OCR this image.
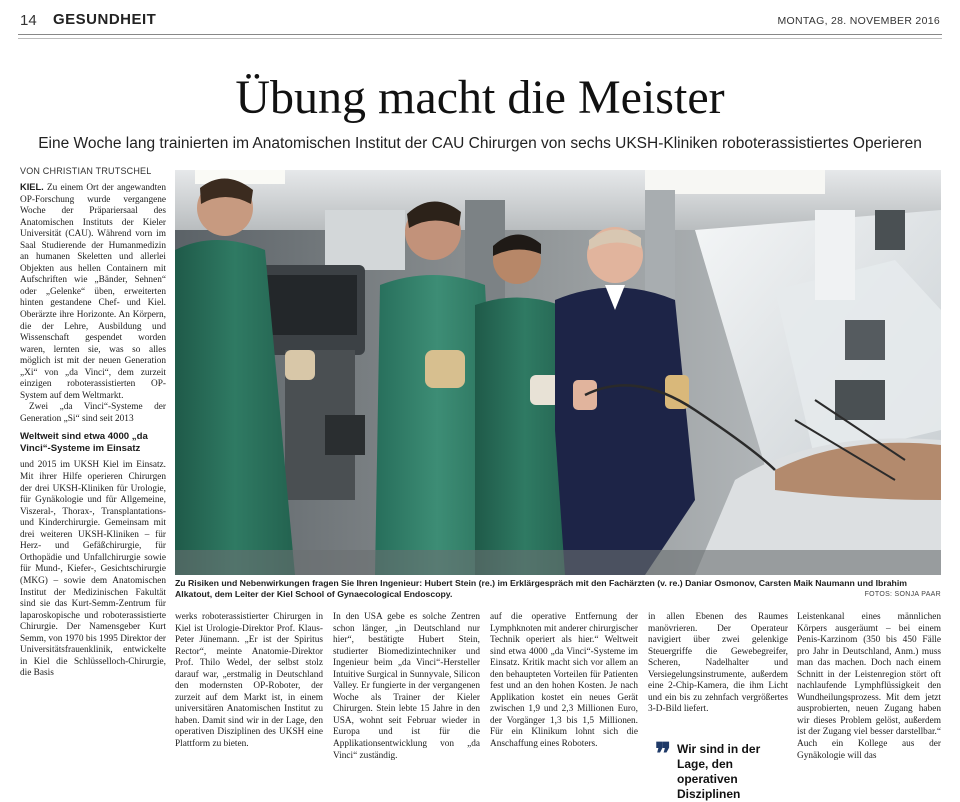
14 GESUNDHEIT	MONTAG, 28. NOVEMBER 2016
Übung macht die Meister
Eine Woche lang trainierten im Anatomischen Institut der CAU Chirurgen von sechs UKSH-Kliniken roboterassistiertes Operieren
VON CHRISTIAN TRUTSCHEL

KIEL. Zu einem Ort der angewandten OP-Forschung wurde vergangene Woche der Präpariersaal des Anatomischen Instituts der Kieler Universität (CAU). Während vorn im Saal Studierende der Humanmedizin an humanen Skeletten und allerlei Objekten aus hellen Containern mit Aufschriften wie „Bänder, Sehnen“ oder „Gelenke“ üben, erweiterten hinten gestandene Chef- und Kiel. Oberärzte ihre Horizonte. An Körpern, die der Lehre, Ausbildung und Wissenschaft gespendet worden waren, lernten sie, was so alles möglich ist mit der neuen Generation „Xi“ von „da Vinci“, dem zurzeit einzigen roboterassistierten OP-System auf dem Weltmarkt.

Zwei „da Vinci“-Systeme der Generation „Si“ sind seit 2013

Weltweit sind etwa 4000 „da Vinci“-Systeme im Einsatz

und 2015 im UKSH Kiel im Einsatz. Mit ihrer Hilfe operieren Chirurgen der drei UKSH-Kliniken für Urologie, für Gynäkologie und für Allgemeine, Viszeral-, Thorax-, Transplantations- und Kinderchirurgie. Gemeinsam mit drei weiteren UKSH-Kliniken – für Herz- und Gefäßchirurgie, für Orthopädie und Unfallchirurgie sowie für Mund-, Kiefer-, Gesichtschirurgie (MKG) – sowie dem Anatomischen Institut der Medizinischen Fakultät sind sie das Kurt-Semm-Zentrum für laparoskopische und roboterassistierte Chirurgie. Der Namensgeber Kurt Semm, von 1970 bis 1995 Direktor der Universitätsfrauenklinik, entwickelte in Kiel die Schlüsselloch-Chirurgie, die Basis

Zu Risiken und Nebenwirkungen fragen Sie Ihren Ingenieur: Hubert Stein (re.) im Erklärgespräch mit den Fachärzten (v. re.) Daniar Osmonov, Carsten Maik Naumann und Ibrahim Alkatout, dem Leiter der Kiel School of Gynaecological Endoscopy.	FOTOS: SONJA PAAR
werks roboterassistierter Chirurgen in Kiel ist Urologie-Direktor Prof. Klaus-Peter Jünemann. „Er ist der Spiritus Rector“, meinte Anatomie-Direktor Prof. Thilo Wedel, der selbst stolz darauf war, „erstmalig in Deutschland den modernsten OP-Roboter, der zurzeit auf dem Markt ist, in einem universitären Anatomischen Institut zu haben. Damit sind wir in der Lage, den operativen Disziplinen des UKSH eine Plattform zu bieten.
In den USA gebe es solche Zentren schon länger, „in Deutschland nur hier“, bestätigte Hubert Stein, studierter Biomedizintechniker und Ingenieur beim „da Vinci“-Hersteller Intuitive Surgical in Sunnyvale, Silicon Valley. Er fungierte in der vergangenen Woche als Trainer der Kieler Chirurgen. Stein lebte 15 Jahre in den USA, wohnt seit Februar wieder in Europa und ist für die Applikationsentwicklung von „da Vinci“ zuständig.
auf die operative Entfernung der Lymphknoten mit anderer chirurgischer Technik operiert als hier.“ Weltweit sind etwa 4000 „da Vinci“-Systeme im Einsatz. Kritik macht sich vor allem an den behaupteten Vorteilen für Patienten fest und an den hohen Kosten. Je nach Applikation kostet ein neues Gerät zwischen 1,9 und 2,3 Millionen Euro, der Vorgänger 1,3 bis 1,5 Millionen. Für ein Klinikum lohnt sich die Anschaffung eines Roboters.
in allen Ebenen des Raumes manövrieren. Der Operateur navigiert über zwei gelenkige Steuergriffe die Gewebegreifer, Scheren, Nadelhalter und Versiegelungsinstrumente, außerdem eine 2-Chip-Kamera, die ihm Licht und ein bis zu zehnfach vergrößertes 3-D-Bild liefert.
Leistenkanal eines männlichen Körpers ausgeräumt – bei einem Penis-Karzinom (350 bis 450 Fälle pro Jahr in Deutschland, Anm.) muss man das machen. Doch nach einem Schnitt in der Leistenregion stört oft nachlaufende Lymphflüssigkeit den Wundheilungsprozess. Mit dem jetzt ausprobierten, neuen Zugang haben wir dieses Problem gelöst, außerdem ist der Zugang viel besser darstellbar.“ Auch ein Kollege aus der Gynäkologie will das
❞ Wir sind in der Lage, den operativen Disziplinen
